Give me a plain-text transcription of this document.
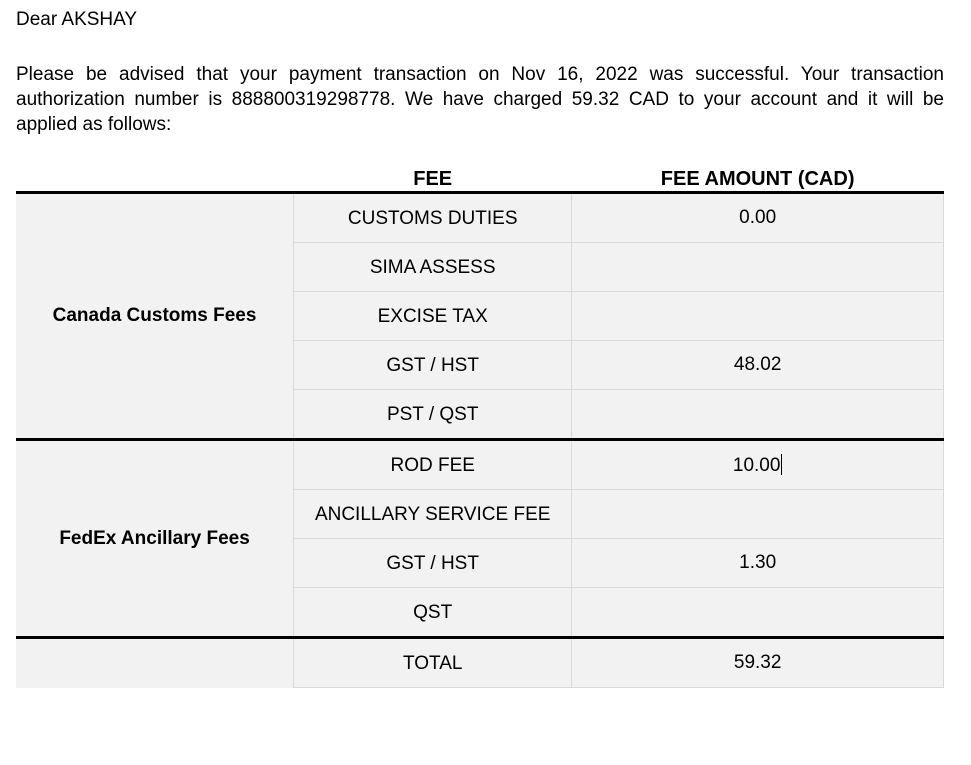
Dear AKSHAY
Please be advised that your payment transaction on Nov 16, 2022 was successful. Your transaction authorization number is 888800319298778. We have charged 59.32 CAD to your account and it will be applied as follows:
	FEE	FEE AMOUNT (CAD)
Canada Customs Fees	CUSTOMS DUTIES	0.00
	SIMA ASSESS	
	EXCISE TAX	
	GST / HST	48.02
	PST / QST	
FedEx Ancillary Fees	ROD FEE	10.00
	ANCILLARY SERVICE FEE	
	GST / HST	1.30
	QST	
	TOTAL	59.32
